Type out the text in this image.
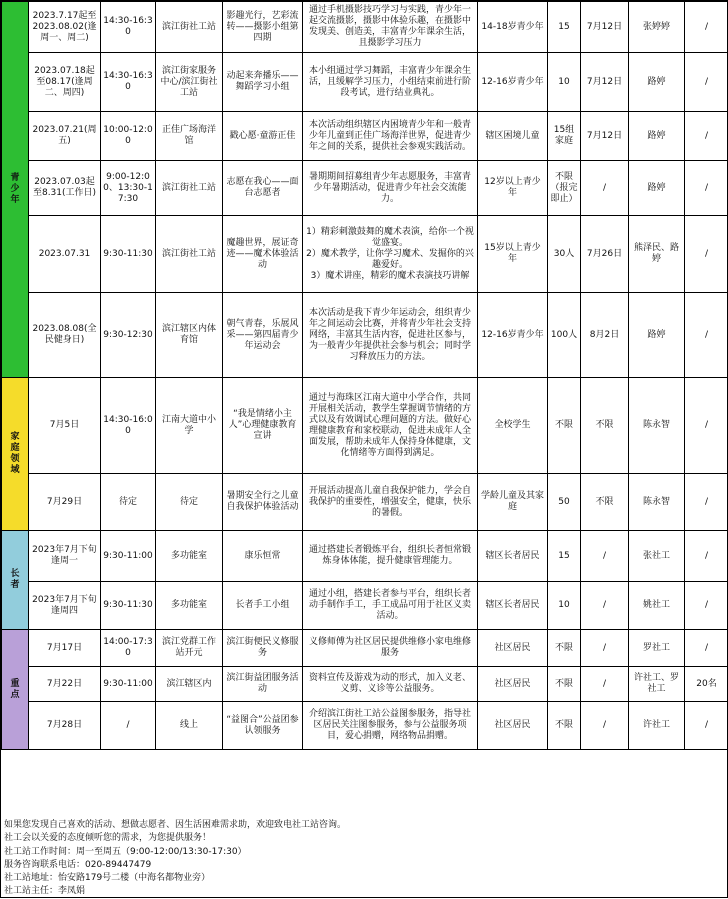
青
少
年	2023.7.17起至2023.08.02(逢周一、周二)	14:30-16:30	滨江街社工站	影趣光行，艺彩流转——摄影小组第四期	通过手机摄影技巧学习与实践，青少年一起交流摄影，摄影中体验乐趣，在摄影中发现美、创造美，丰富青少年课余生活，且摄影学习压力	14-18岁青少年	15	7月12日	张婷婷	/
	2023.07.18起至08.17(逢周二、周四)	14:30-16:30	滨江街家服务中心/滨江街社工站	动起来奔播乐——舞蹈学习小组	本小组通过学习舞蹈，丰富青少年课余生活，且缓解学习压力，小组结束前进行阶段考试，进行结业典礼。	12-16岁青少年	10	7月12日	路婷	/
	2023.07.21(周五)	10:00-12:00	正佳广场海洋馆	戳心愿·童游正佳	本次活动组织辖区内困境青少年和一般青少年儿童到正佳广场海洋世界，促进青少年之间的关系，提供社会参观实践活动。	辖区困境儿童	15组家庭	7月12日	路婷	/
	2023.07.03起至8.31(工作日)	9:00-12:00、13:30-17:30	滨江街社工站	志愿在我心——面台志愿者	暑期期间招募组青少年志愿服务，丰富青少年暑期活动，促进青少年社会交流能力。	12岁以上青少年	不限（报完即止）	/	路婷	/
	2023.07.31	9:30-11:30	滨江街社工站	魔趣世界，展证奇迹——魔术体验活动	1）精彩刺激鼓舞的魔术表演，给你一个视觉盛宴。
2）魔术教学，让你学习魔术、发掘你的兴趣爱好。
3）魔术讲座，精彩的魔术表演技巧讲解	15岁以上青少年	30人	7月26日	熊泽民、路婷	/
	2023.08.08(全民健身日)	9:30-12:30	滨江辖区内体育馆	朝气青春，乐展风采——第四届青少年运动会	本次活动是我下青少年运动会，组织青少年之间运动会比赛，并将青少年社会支持网络，丰富其生活内容，促进社区参与，为一般青少年提供社会参与机会；同时学习释放压力的方法。	12-16岁青少年	100人	8月2日	路婷	/

家
庭
领
域	7月5日	14:30-16:00	江南大道中小学	“我是情绪小主人”心理健康教育宣讲	通过与海珠区江南大道中小学合作，共同开展相关活动，教学生掌握调节情绪的方式以及有效调试心理问题的方法。做好心理健康教育和家校联动，促进未成年人全面发展，帮助未成年人保持身体健康，文化情绪等方面得到满足。	全校学生	不限	不限	陈永智	/
	7月29日	待定	待定	暑期安全行之儿童自我保护体验活动	开展活动提高儿童自我保护能力，学会自我保护的重要性，增强安全，健康，快乐的暑假。	学龄儿童及其家庭	50	不限	陈永智	/

长
者	2023年7月下旬逢周一	9:30-11:00	多功能室	康乐恒常	通过搭建长者锻炼平台，组织长者恒常锻炼身体体能，提升健康管理能力。	辖区长者居民	15	/	张社工	/
	2023年7月下旬逢周四	9:30-11:30	多功能室	长者手工小组	通过小组，搭建长者参与平台，组织长者动手制作手工，手工成品可用于社区义卖活动。	辖区长者居民	10	/	姚社工	/

重
点	7月17日	14:00-17:30	滨江党群工作站开元	滨江街便民义修服务	义修师傅为社区居民提供维修小家电维修服务	社区居民	不限	/	罗社工	/
	7月22日	9:30-11:00	滨江辖区内	滨江街益团服务活动	资料宣传及游戏为动的形式，加入义老、义剪、义诊等公益服务。	社区居民	不限	/	许社工、罗社工	20名
	7月28日	/	线上	“益图合”公益团参认领服务	介绍滨江街社工站公益图参服务，指导社区居民关注图参服务，参与公益服务项目，爱心捐赠，网络物品捐赠。	社区居民	不限	/	许社工	/
如果您发现自己喜欢的活动、想做志愿者、因生活困难需求助，欢迎致电社工站咨询。
社工会以关爱的态度倾听您的需求，为您提供服务！
社工站工作时间：周一至周五（9:00-12:00/13:30-17:30）
服务咨询联系电话：020-89447479
社工站地址：怡安路179号二楼（中海名都物业旁）
社工站主任：李凤娟
